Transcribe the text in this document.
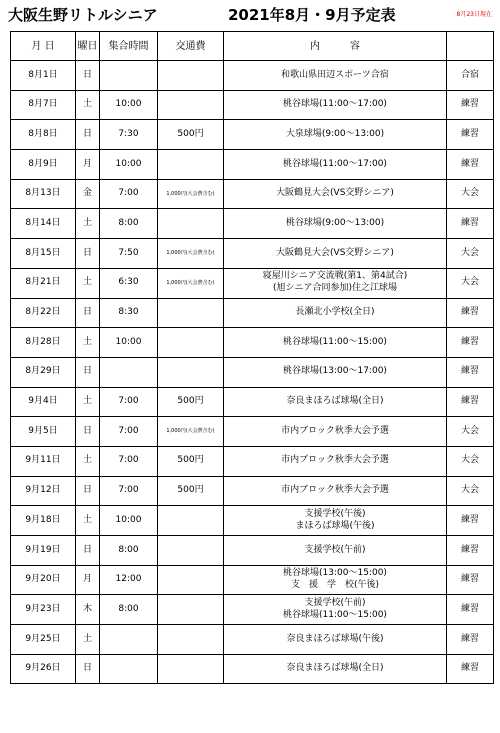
大阪生野リトルシニア	2021年8月・9月予定表	8月23日現在
月 日	曜日	集合時間	交通費	内　　　容	
8月1日	日			和歌山県田辺スポーツ合宿	合宿
8月7日	土	10:00		桃谷球場(11:00～17:00)	練習
8月8日	日	7:30	500円	大泉球場(9:00～13:00)	練習
8月9日	月	10:00		桃谷球場(11:00～17:00)	練習
8月13日	金	7:00	1,000円(大会費含む)	大阪鶴見大会(VS交野シニア)	大会
8月14日	土	8:00		桃谷球場(9:00～13:00)	練習
8月15日	日	7:50	1,000円(大会費含む)	大阪鶴見大会(VS交野シニア)	大会
8月21日	土	6:30	1,000円(大会費含む)	寝屋川シニア交流戦(第1、第4試合)
(旭シニア合同参加)住之江球場	大会
8月22日	日	8:30		長瀬北小学校(全日)	練習
8月28日	土	10:00		桃谷球場(11:00～15:00)	練習
8月29日	日			桃谷球場(13:00～17:00)	練習
9月4日	土	7:00	500円	奈良まほろば球場(全日)	練習
9月5日	日	7:00	1,000円(大会費含む)	市内ブロック秋季大会予選	大会
9月11日	土	7:00	500円	市内ブロック秋季大会予選	大会
9月12日	日	7:00	500円	市内ブロック秋季大会予選	大会
9月18日	土	10:00		支援学校(午後)
まほろば球場(午後)	練習
9月19日	日	8:00		支援学校(午前)	練習
9月20日	月	12:00		桃谷球場(13:00～15:00)
支　援　学　校(午後)	練習
9月23日	木	8:00		支援学校(午前)
桃谷球場(11:00～15:00)	練習
9月25日	土			奈良まほろば球場(午後)	練習
9月26日	日			奈良まほろば球場(全日)	練習
